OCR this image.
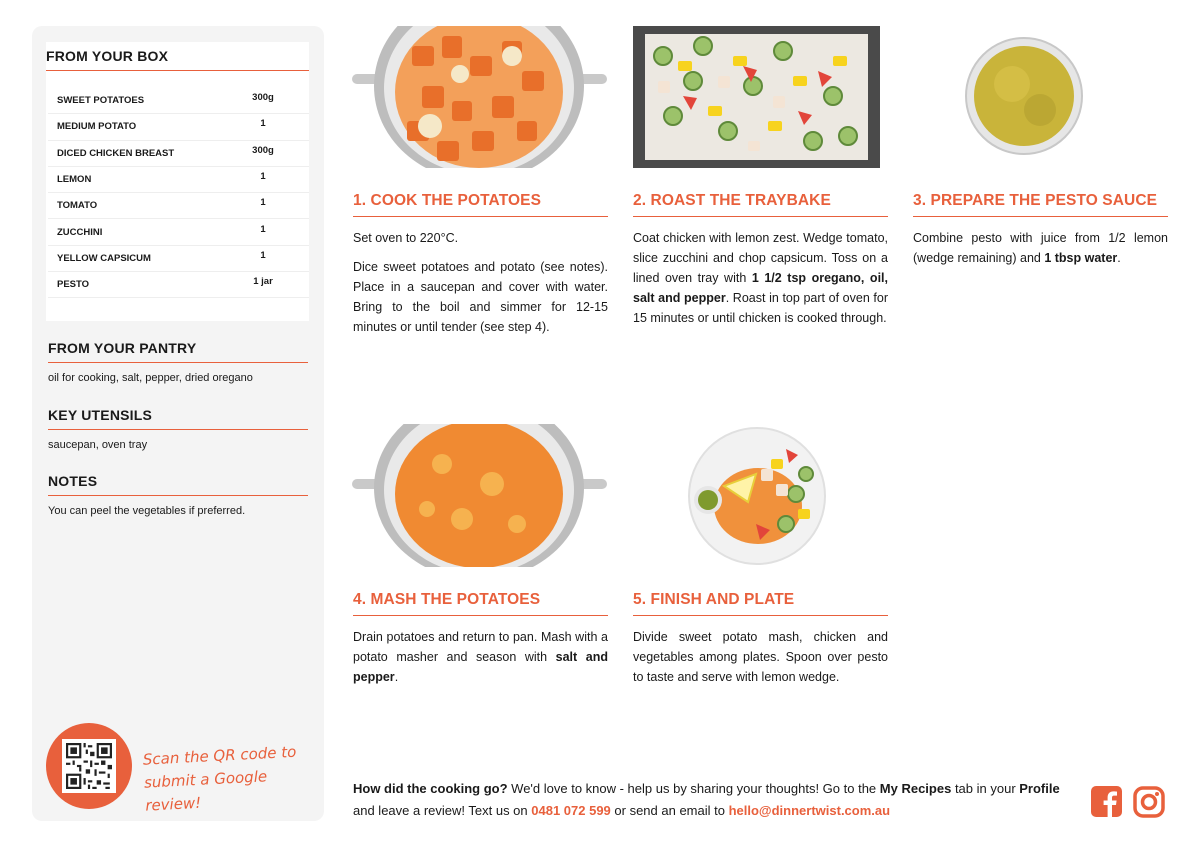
FROM YOUR BOX
SWEET POTATOES	300g
MEDIUM POTATO	1
DICED CHICKEN BREAST	300g
LEMON	1
TOMATO	1
ZUCCHINI	1
YELLOW CAPSICUM	1
PESTO	1 jar
FROM YOUR PANTRY

oil for cooking, salt, pepper, dried oregano

KEY UTENSILS

saucepan, oven tray

NOTES

You can peel the vegetables if preferred.

Scan the QR code to
submit a Google review!
1. COOK THE POTATOES

Set oven to 220°C.

Dice sweet potatoes and potato (see notes). Place in a saucepan and cover with water. Bring to the boil and simmer for 12-15 minutes or until tender (see step 4).

2. ROAST THE TRAYBAKE

Coat chicken with lemon zest. Wedge tomato, slice zucchini and chop capsicum. Toss on a lined oven tray with 1 1/2 tsp oregano, oil, salt and pepper. Roast in top part of oven for 15 minutes or until chicken is cooked through.

3. PREPARE THE PESTO SAUCE

Combine pesto with juice from 1/2 lemon (wedge remaining) and 1 tbsp water.

4. MASH THE POTATOES

Drain potatoes and return to pan. Mash with a potato masher and season with salt and pepper.

5. FINISH AND PLATE

Divide sweet potato mash, chicken and vegetables among plates. Spoon over pesto to taste and serve with lemon wedge.

How did the cooking go? We'd love to know - help us by sharing your thoughts! Go to the My Recipes tab in your Profile and leave a review! Text us on 0481 072 599 or send an email to hello@dinnertwist.com.au
